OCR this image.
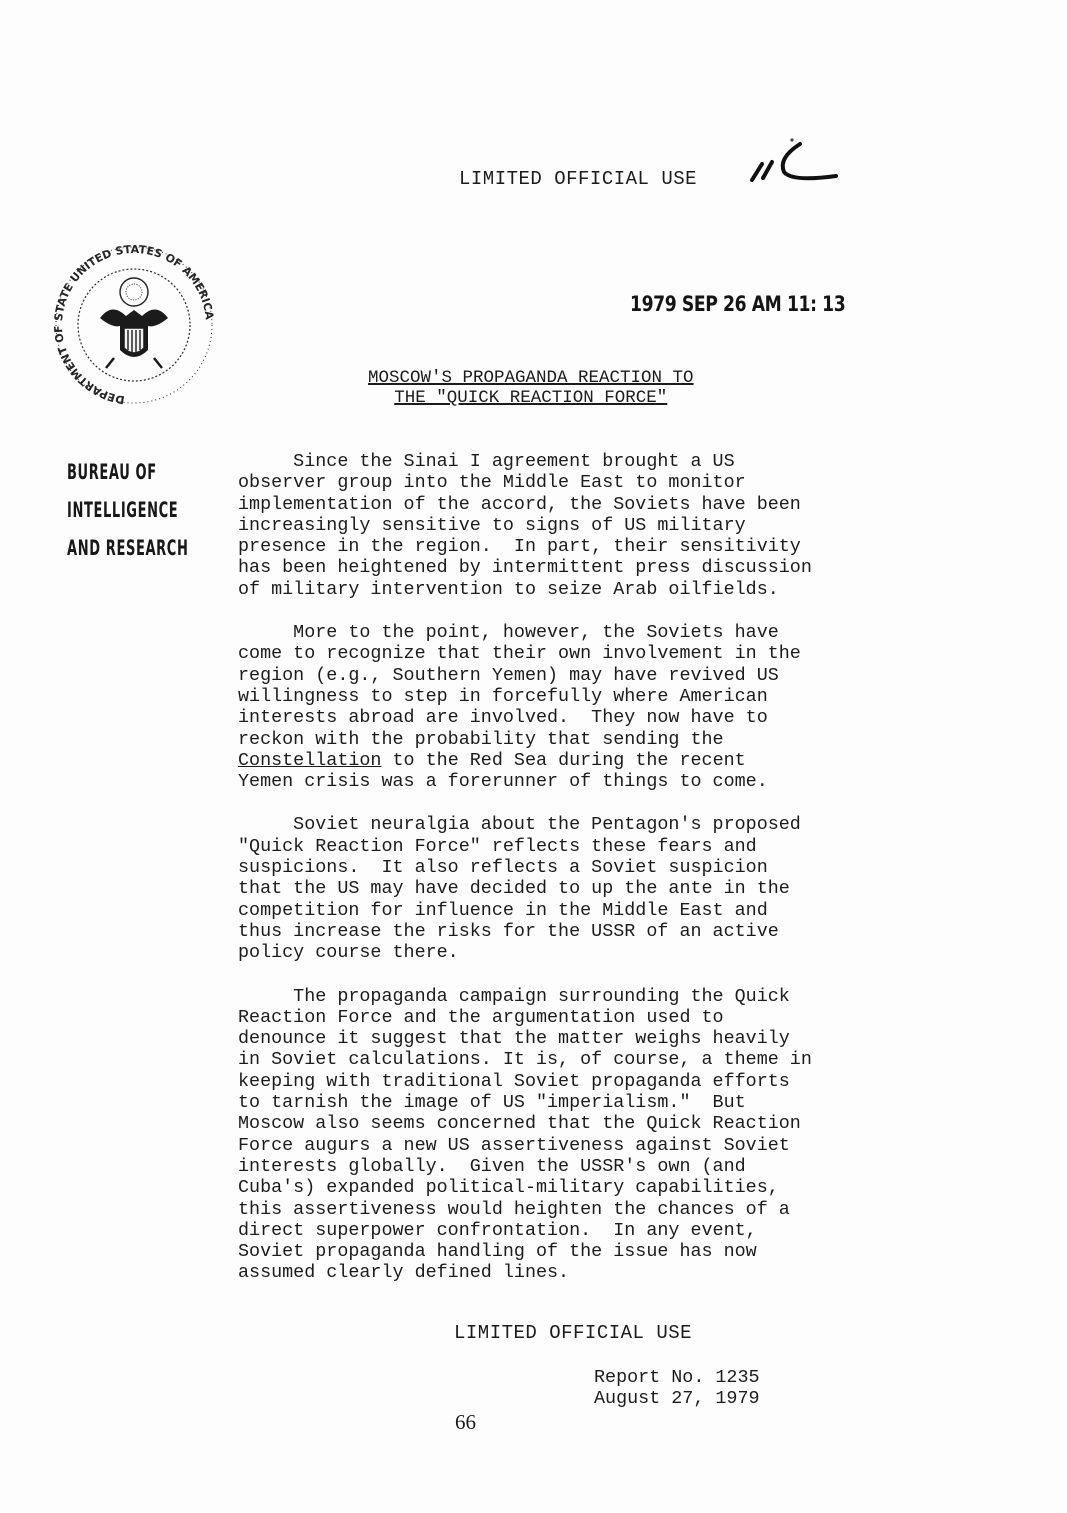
LIMITED OFFICIAL USE
DEPARTMENT OF STATE UNITED STATES OF AMERICA	1979 SEP 26 AM 11: 13
MOSCOW'S PROPAGANDA REACTION TO
THE "QUICK REACTION FORCE"
BUREAU OF
INTELLIGENCE
AND RESEARCH
Since the Sinai I agreement brought a US
observer group into the Middle East to monitor
implementation of the accord, the Soviets have been
increasingly sensitive to signs of US military
presence in the region.  In part, their sensitivity
has been heightened by intermittent press discussion
of military intervention to seize Arab oilfields.
More to the point, however, the Soviets have
come to recognize that their own involvement in the
region (e.g., Southern Yemen) may have revived US
willingness to step in forcefully where American
interests abroad are involved.  They now have to
reckon with the probability that sending the
Constellation to the Red Sea during the recent
Yemen crisis was a forerunner of things to come.
Soviet neuralgia about the Pentagon's proposed
"Quick Reaction Force" reflects these fears and
suspicions.  It also reflects a Soviet suspicion
that the US may have decided to up the ante in the
competition for influence in the Middle East and
thus increase the risks for the USSR of an active
policy course there.
The propaganda campaign surrounding the Quick
Reaction Force and the argumentation used to
denounce it suggest that the matter weighs heavily
in Soviet calculations. It is, of course, a theme in
keeping with traditional Soviet propaganda efforts
to tarnish the image of US "imperialism."  But
Moscow also seems concerned that the Quick Reaction
Force augurs a new US assertiveness against Soviet
interests globally.  Given the USSR's own (and
Cuba's) expanded political-military capabilities,
this assertiveness would heighten the chances of a
direct superpower confrontation.  In any event,
Soviet propaganda handling of the issue has now
assumed clearly defined lines.
LIMITED OFFICIAL USE
Report No. 1235
August 27, 1979
66
